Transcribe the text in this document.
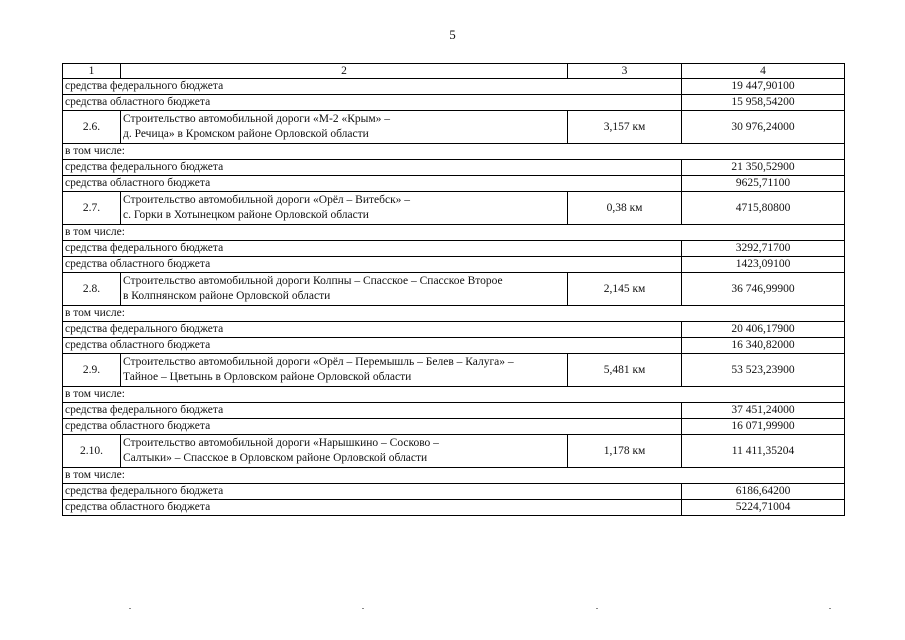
5
1	2	3	4
средства федерального бюджета			19 447,90100
средства областного бюджета			15 958,54200
2.6.	Строительство автомобильной дороги «М-2 «Крым» –
д. Речица» в Кромском районе Орловской области	3,157 км	30 976,24000
в том числе:			
средства федерального бюджета			21 350,52900
средства областного бюджета			9625,71100
2.7.	Строительство автомобильной дороги «Орёл – Витебск» –
с. Горки в Хотынецком районе Орловской области	0,38 км	4715,80800
в том числе:			
средства федерального бюджета			3292,71700
средства областного бюджета			1423,09100
2.8.	Строительство автомобильной дороги Колпны – Спасское – Спасское Второе
в Колпнянском районе Орловской области	2,145 км	36 746,99900
в том числе:			
средства федерального бюджета			20 406,17900
средства областного бюджета			16 340,82000
2.9.	Строительство автомобильной дороги «Орёл – Перемышль – Белев – Калуга» –
Тайное – Цветынь в Орловском районе Орловской области	5,481 км	53 523,23900
в том числе:			
средства федерального бюджета			37 451,24000
средства областного бюджета			16 071,99900
2.10.	Строительство автомобильной дороги «Нарышкино – Сосково –
Салтыки» – Спасское в Орловском районе Орловской области	1,178 км	11 411,35204
в том числе:			
средства федерального бюджета			6186,64200
средства областного бюджета			5224,71004
